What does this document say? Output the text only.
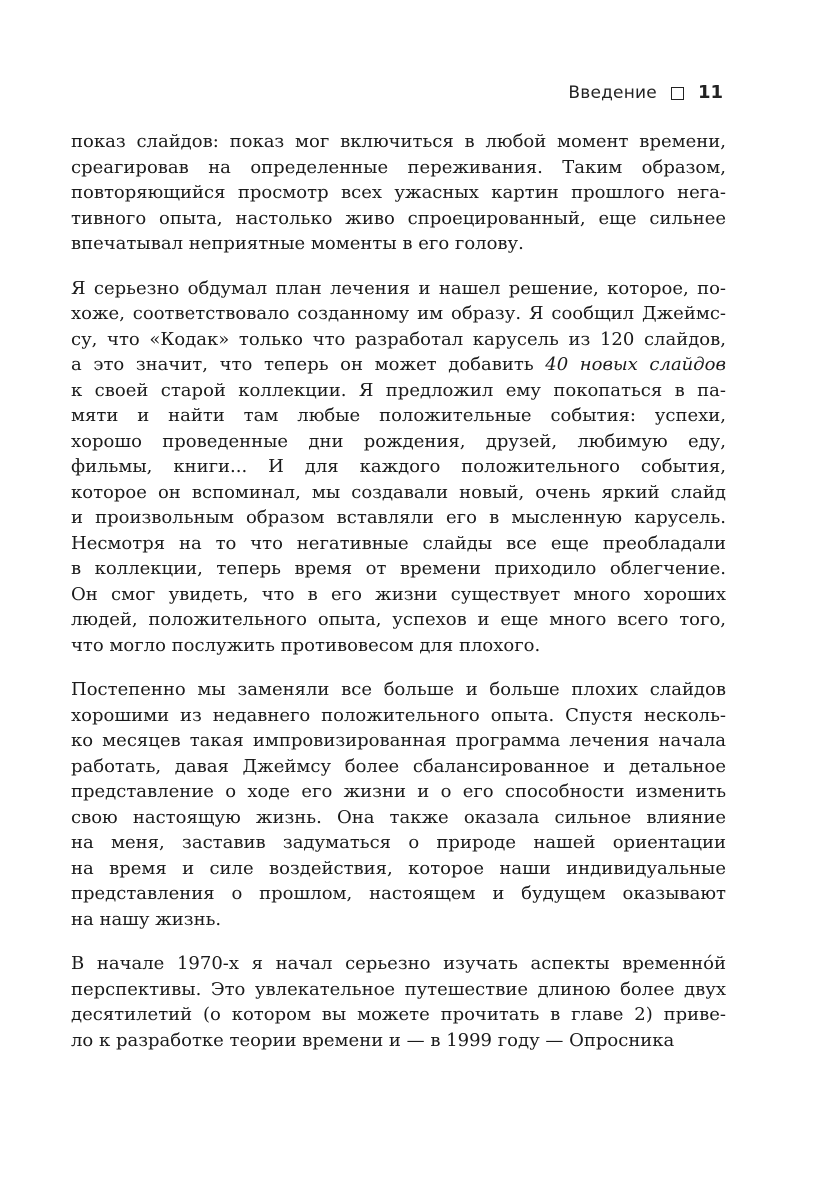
Введение 11

показ слайдов: показ мог включиться в любой момент времени,
среагировав на определенные переживания. Таким образом,
повторяющийся просмотр всех ужасных картин прошлого нега-
тивного опыта, настолько живо спроецированный, еще сильнее
впечатывал неприятные моменты в его голову.

Я серьезно обдумал план лечения и нашел решение, которое, по-
хоже, соответствовало созданному им образу. Я сообщил Джеймс-
су, что «Кодак» только что разработал карусель из 120 слайдов,
а это значит, что теперь он может добавить 40 новых слайдов
к своей старой коллекции. Я предложил ему покопаться в па-
мяти и найти там любые положительные события: успехи,
хорошо проведенные дни рождения, друзей, любимую еду,
фильмы, книги... И для каждого положительного события,
которое он вспоминал, мы создавали новый, очень яркий слайд
и произвольным образом вставляли его в мысленную карусель.
Несмотря на то что негативные слайды все еще преобладали
в коллекции, теперь время от времени приходило облегчение.
Он смог увидеть, что в его жизни существует много хороших
людей, положительного опыта, успехов и еще много всего того,
что могло послужить противовесом для плохого.

Постепенно мы заменяли все больше и больше плохих слайдов
хорошими из недавнего положительного опыта. Спустя несколь-
ко месяцев такая импровизированная программа лечения начала
работать, давая Джеймсу более сбалансированное и детальное
представление о ходе его жизни и о его способности изменить
свою настоящую жизнь. Она также оказала сильное влияние
на меня, заставив задуматься о природе нашей ориентации
на время и силе воздействия, которое наши индивидуальные
представления о прошлом, настоящем и будущем оказывают
на нашу жизнь.

В начале 1970-х я начал серьезно изучать аспекты временно́й
перспективы. Это увлекательное путешествие длиною более двух
десятилетий (о котором вы можете прочитать в главе 2) приве-
ло к разработке теории времени и — в 1999 году — Опросника
